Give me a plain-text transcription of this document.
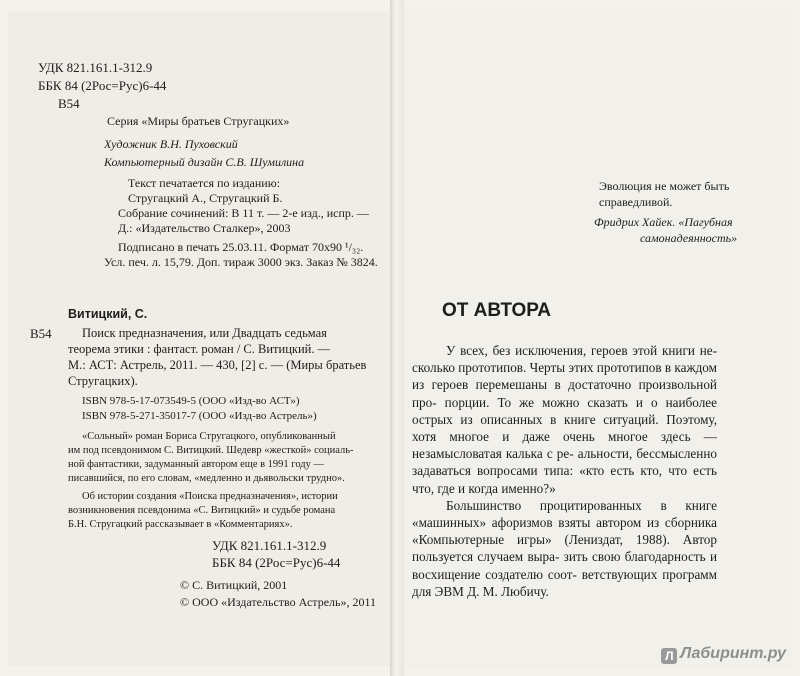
УДК 821.161.1-312.9
ББК 84 (2Рос=Рус)6-44
В54
Серия «Миры братьев Стругацких»
Художник В.Н. Пуховский
Компьютерный дизайн С.В. Шумилина
Текст печатается по изданию:
Стругацкий А., Стругацкий Б.
Собрание сочинений: В 11 т. — 2-е изд., испр. —
Д.: «Издательство Сталкер», 2003
Подписано в печать 25.03.11. Формат 70x90 ¹/₃₂.
Усл. печ. л. 15,79. Доп. тираж 3000 экз. Заказ № 3824.
Витицкий, С.
В54 Поиск предназначения, или Двадцать седьмая
теорема этики : фантаст. роман / С. Витицкий. —
М.: АСТ: Астрель, 2011. — 430, [2] с. — (Миры братьев
Стругацких).
ISBN 978-5-17-073549-5 (ООО «Изд-во АСТ»)
ISBN 978-5-271-35017-7 (ООО «Изд-во Астрель»)
«Сольный» роман Бориса Стругацкого, опубликованный
им под псевдонимом С. Витицкий. Шедевр «жесткой» социаль-
ной фантастики, задуманный автором еще в 1991 году —
писавшийся, по его словам, «медленно и дьявольски трудно».
Об истории создания «Поиска предназначения», истории
возникновения псевдонима «С. Витицкий» и судьбе романа
Б.Н. Стругацкий рассказывает в «Комментариях».
УДК 821.161.1-312.9
ББК 84 (2Рос=Рус)6-44
© С. Витицкий, 2001
© ООО «Издательство Астрель», 2011
Эволюция не может быть
справедливой.
Фридрих Хайек. «Пагубная
самонадеянность»
ОТ АВТОРА

У всех, без исключения, героев этой книги не- сколько прототипов. Черты этих прототипов в каждом из героев перемешаны в достаточно произвольной про- порции. То же можно сказать и о наиболее острых из описанных в книге ситуаций. Поэтому, хотя многое и даже очень многое здесь — незамысловатая калька с ре- альности, бессмысленно задаваться вопросами типа: «кто есть кто, что есть что, где и когда именно?»

Большинство процитированных в книге «машинных» афоризмов взяты автором из сборника «Компьютерные игры» (Лениздат, 1988). Автор пользуется случаем выра- зить свою благодарность и восхищение создателю соот- ветствующих программ для ЭВМ Д. М. Любичу.

Л Лабиринт.ру
